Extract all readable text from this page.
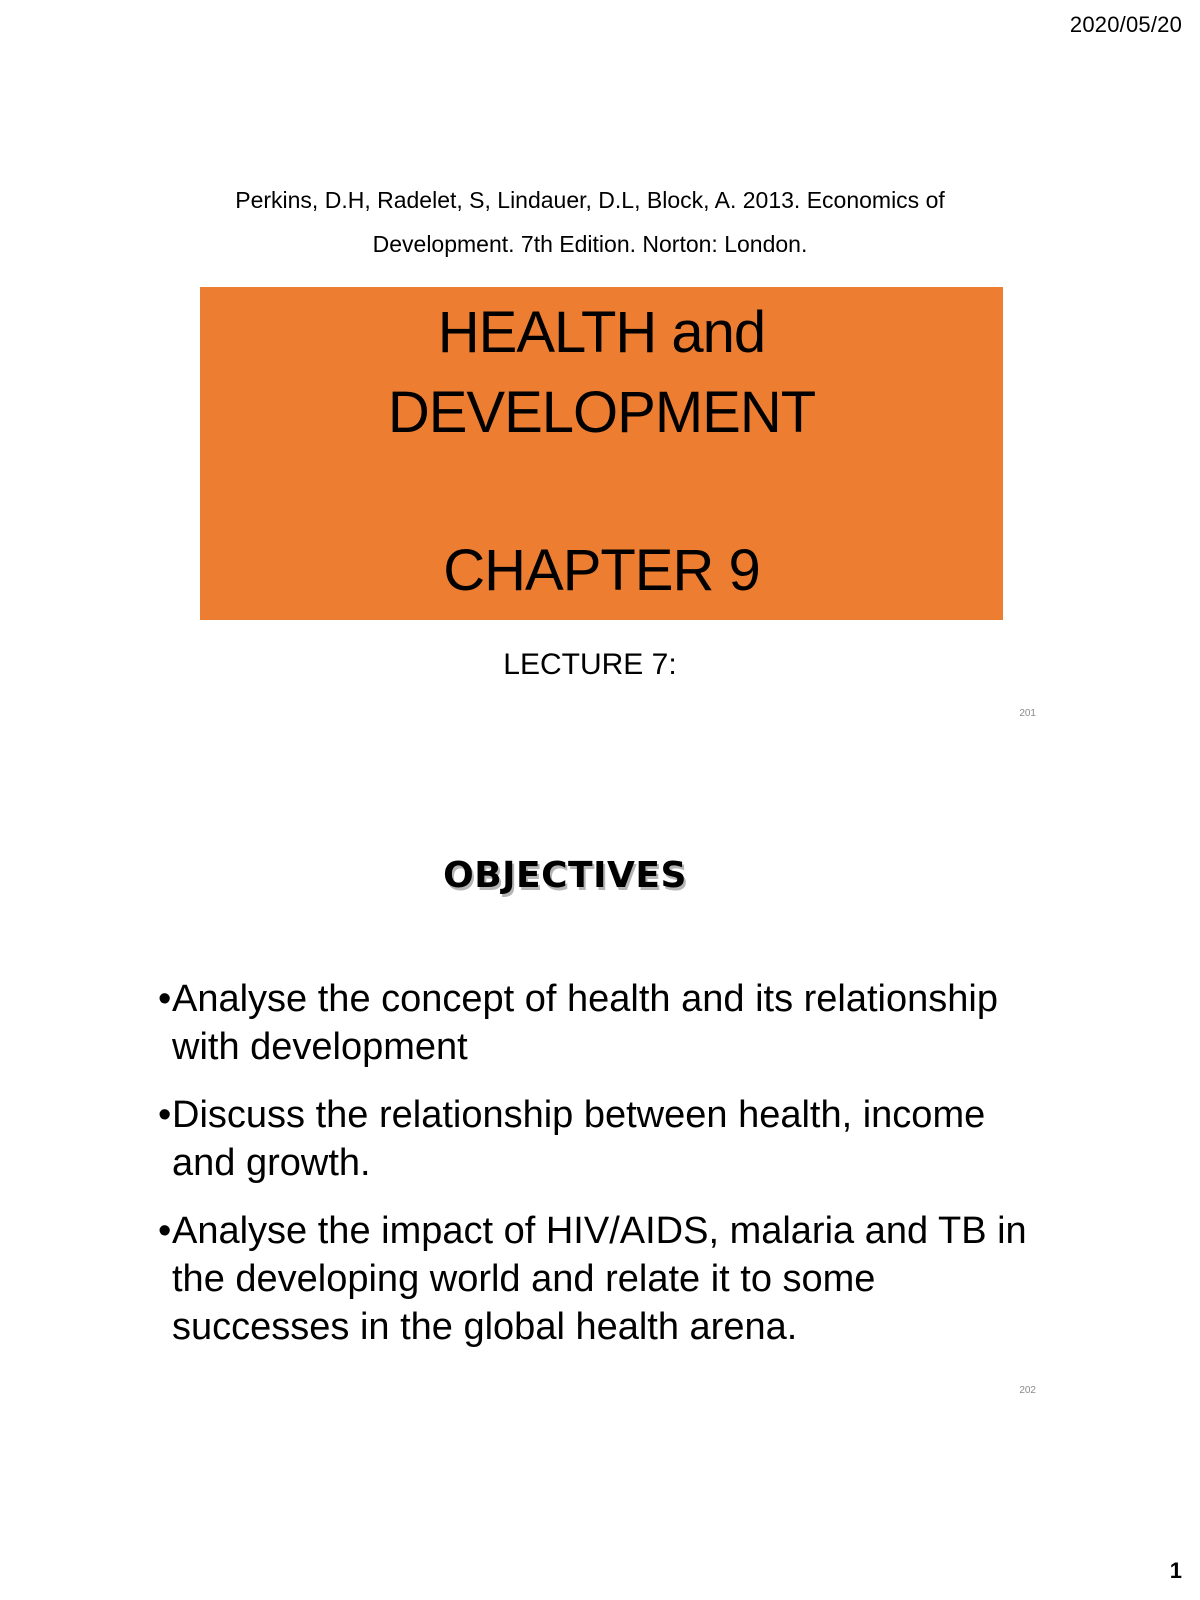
2020/05/20
Perkins, D.H, Radelet, S, Lindauer, D.L, Block, A. 2013. Economics of
Development. 7th Edition. Norton: London.
HEALTH and
DEVELOPMENT
CHAPTER 9
LECTURE 7:
201
OBJECTIVES
• Analyse the concept of health and its relationship with development
• Discuss the relationship between health, income and growth.
• Analyse the impact of HIV/AIDS, malaria and TB in the developing world and relate it to some successes in the global health arena.
202
1
